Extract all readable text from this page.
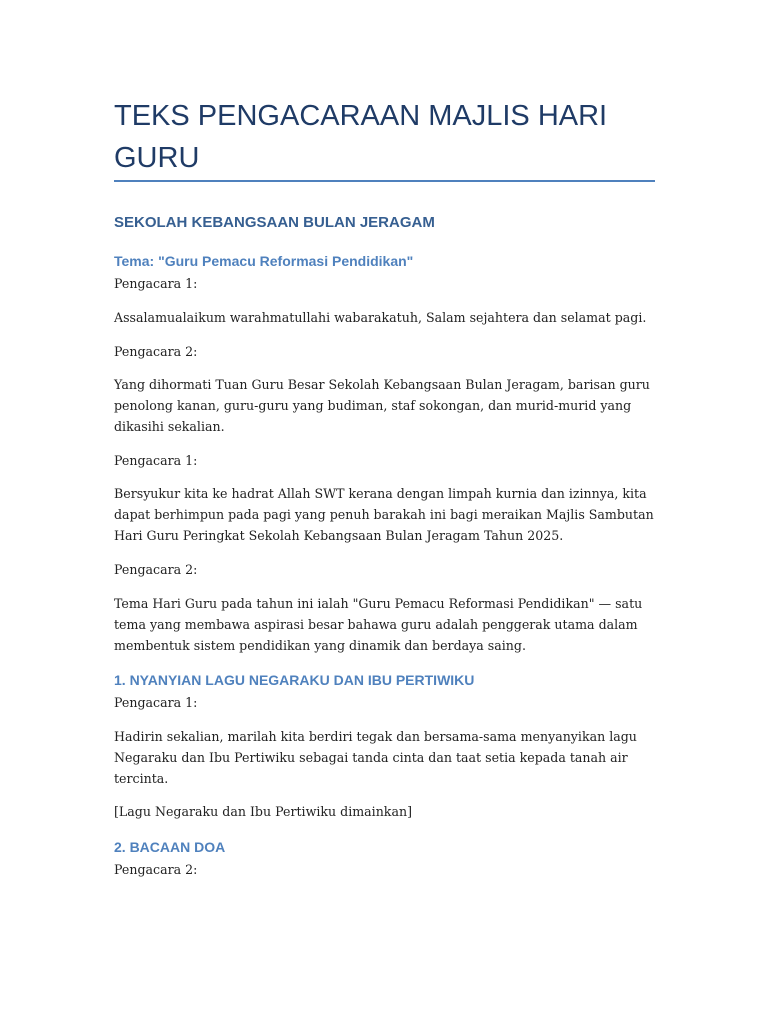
TEKS PENGACARAAN MAJLIS HARI GURU
SEKOLAH KEBANGSAAN BULAN JERAGAM
Tema: "Guru Pemacu Reformasi Pendidikan"

Pengacara 1:

Assalamualaikum warahmatullahi wabarakatuh, Salam sejahtera dan selamat pagi.

Pengacara 2:

Yang dihormati Tuan Guru Besar Sekolah Kebangsaan Bulan Jeragam, barisan guru
penolong kanan, guru-guru yang budiman, staf sokongan, dan murid-murid yang
dikasihi sekalian.

Pengacara 1:

Bersyukur kita ke hadrat Allah SWT kerana dengan limpah kurnia dan izinnya, kita
dapat berhimpun pada pagi yang penuh barakah ini bagi meraikan Majlis Sambutan
Hari Guru Peringkat Sekolah Kebangsaan Bulan Jeragam Tahun 2025.

Pengacara 2:

Tema Hari Guru pada tahun ini ialah "Guru Pemacu Reformasi Pendidikan" — satu
tema yang membawa aspirasi besar bahawa guru adalah penggerak utama dalam
membentuk sistem pendidikan yang dinamik dan berdaya saing.

1. NYANYIAN LAGU NEGARAKU DAN IBU PERTIWIKU

Pengacara 1:

Hadirin sekalian, marilah kita berdiri tegak dan bersama-sama menyanyikan lagu
Negaraku dan Ibu Pertiwiku sebagai tanda cinta dan taat setia kepada tanah air
tercinta.

[Lagu Negaraku dan Ibu Pertiwiku dimainkan]

2. BACAAN DOA

Pengacara 2:
